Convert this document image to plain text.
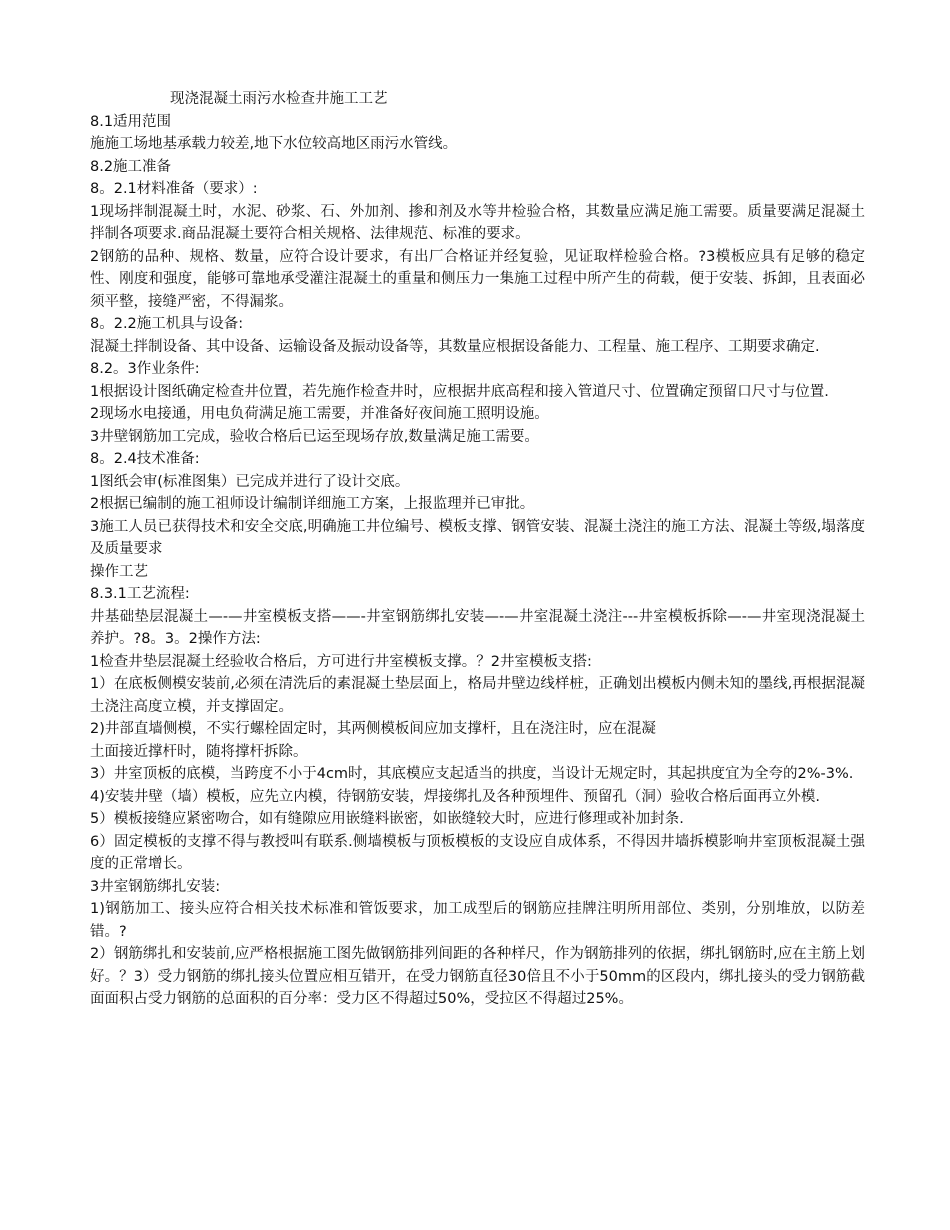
现浇混凝土雨污水检查井施工工艺

8.1适用范围

施施工场地基承载力较差,地下水位较高地区雨污水管线。

8.2施工准备

8。2.1材料准备（要求）:

1现场拌制混凝土时，水泥、砂浆、石、外加剂、掺和剂及水等井检验合格，其数量应满足施工需要。质量要满足混凝土拌制各项要求.商品混凝土要符合相关规格、法律规范、标准的要求。

2钢筋的品种、规格、数量，应符合设计要求，有出厂合格证并经复验，见证取样检验合格。?3模板应具有足够的稳定性、刚度和强度，能够可靠地承受灌注混凝土的重量和侧压力一集施工过程中所产生的荷载，便于安装、拆卸，且表面必须平整，接缝严密，不得漏浆。

8。2.2施工机具与设备:

混凝土拌制设备、其中设备、运输设备及振动设备等，其数量应根据设备能力、工程量、施工程序、工期要求确定.

8.2。3作业条件:

1根据设计图纸确定检查井位置，若先施作检查井时，应根据井底高程和接入管道尺寸、位置确定预留口尺寸与位置.

2现场水电接通，用电负荷满足施工需要，并准备好夜间施工照明设施。

3井壁钢筋加工完成，验收合格后已运至现场存放,数量满足施工需要。

8。2.4技术准备:

1图纸会审(标准图集）已完成并进行了设计交底。

2根据已编制的施工祖师设计编制详细施工方案，上报监理并已审批。

3施工人员已获得技术和安全交底,明确施工井位编号、模板支撑、钢管安装、混凝土浇注的施工方法、混凝土等级,塌落度及质量要求

操作工艺

8.3.1工艺流程:

井基础垫层混凝土—-—井室模板支搭——-井室钢筋绑扎安装—-—井室混凝土浇注---井室模板拆除—-—井室现浇混凝土养护。?8。3。2操作方法:

1检查井垫层混凝土经验收合格后，方可进行井室模板支撑。？2井室模板支搭:

1）在底板侧模安装前,必须在清洗后的素混凝土垫层面上，格局井壁边线样桩，正确划出模板内侧未知的墨线,再根据混凝土浇注高度立模，并支撑固定。

2)井部直墙侧模，不实行螺栓固定时，其两侧模板间应加支撑杆，且在浇注时，应在混凝

土面接近撑杆时，随将撑杆拆除。

3）井室顶板的底模，当跨度不小于4cm时，其底模应支起适当的拱度，当设计无规定时，其起拱度宜为全夸的2%-3%.

4)安装井壁（墙）模板，应先立内模，待钢筋安装，焊接绑扎及各种预埋件、预留孔（洞）验收合格后面再立外模.

5）模板接缝应紧密吻合，如有缝隙应用嵌缝料嵌密，如嵌缝较大时，应进行修理或补加封条.

6）固定模板的支撑不得与教授叫有联系.侧墙模板与顶板模板的支设应自成体系，不得因井墙拆模影响井室顶板混凝土强度的正常增长。

3井室钢筋绑扎安装:

1)钢筋加工、接头应符合相关技术标准和管饭要求，加工成型后的钢筋应挂牌注明所用部位、类别，分别堆放，以防差错。?

2）钢筋绑扎和安装前,应严格根据施工图先做钢筋排列间距的各种样尺，作为钢筋排列的依据，绑扎钢筋时,应在主筋上划好。？3）受力钢筋的绑扎接头位置应相互错开，在受力钢筋直径30倍且不小于50mm的区段内，绑扎接头的受力钢筋截面面积占受力钢筋的总面积的百分率：受力区不得超过50%，受拉区不得超过25%。
